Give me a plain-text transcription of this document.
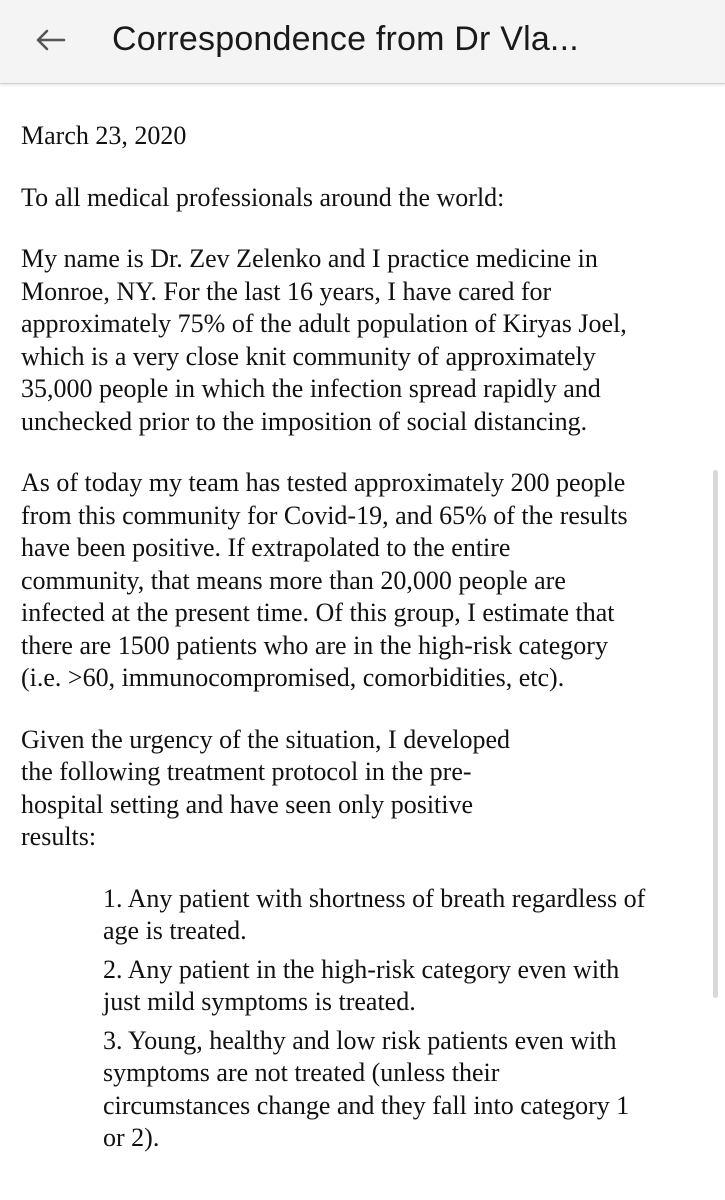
Correspondence from Dr Vla...

March 23, 2020

To all medical professionals around the world:

My name is Dr. Zev Zelenko and I practice medicine in
Monroe, NY. For the last 16 years, I have cared for
approximately 75% of the adult population of Kiryas Joel,
which is a very close knit community of approximately
35,000 people in which the infection spread rapidly and
unchecked prior to the imposition of social distancing.

As of today my team has tested approximately 200 people
from this community for Covid-19, and 65% of the results
have been positive. If extrapolated to the entire
community, that means more than 20,000 people are
infected at the present time. Of this group, I estimate that
there are 1500 patients who are in the high-risk category
(i.e. >60, immunocompromised, comorbidities, etc).

Given the urgency of the situation, I developed
the following treatment protocol in the pre-
hospital setting and have seen only positive
results:

1. Any patient with shortness of breath regardless of
age is treated.
2. Any patient in the high-risk category even with
just mild symptoms is treated.
3. Young, healthy and low risk patients even with
symptoms are not treated (unless their
circumstances change and they fall into category 1
or 2).
